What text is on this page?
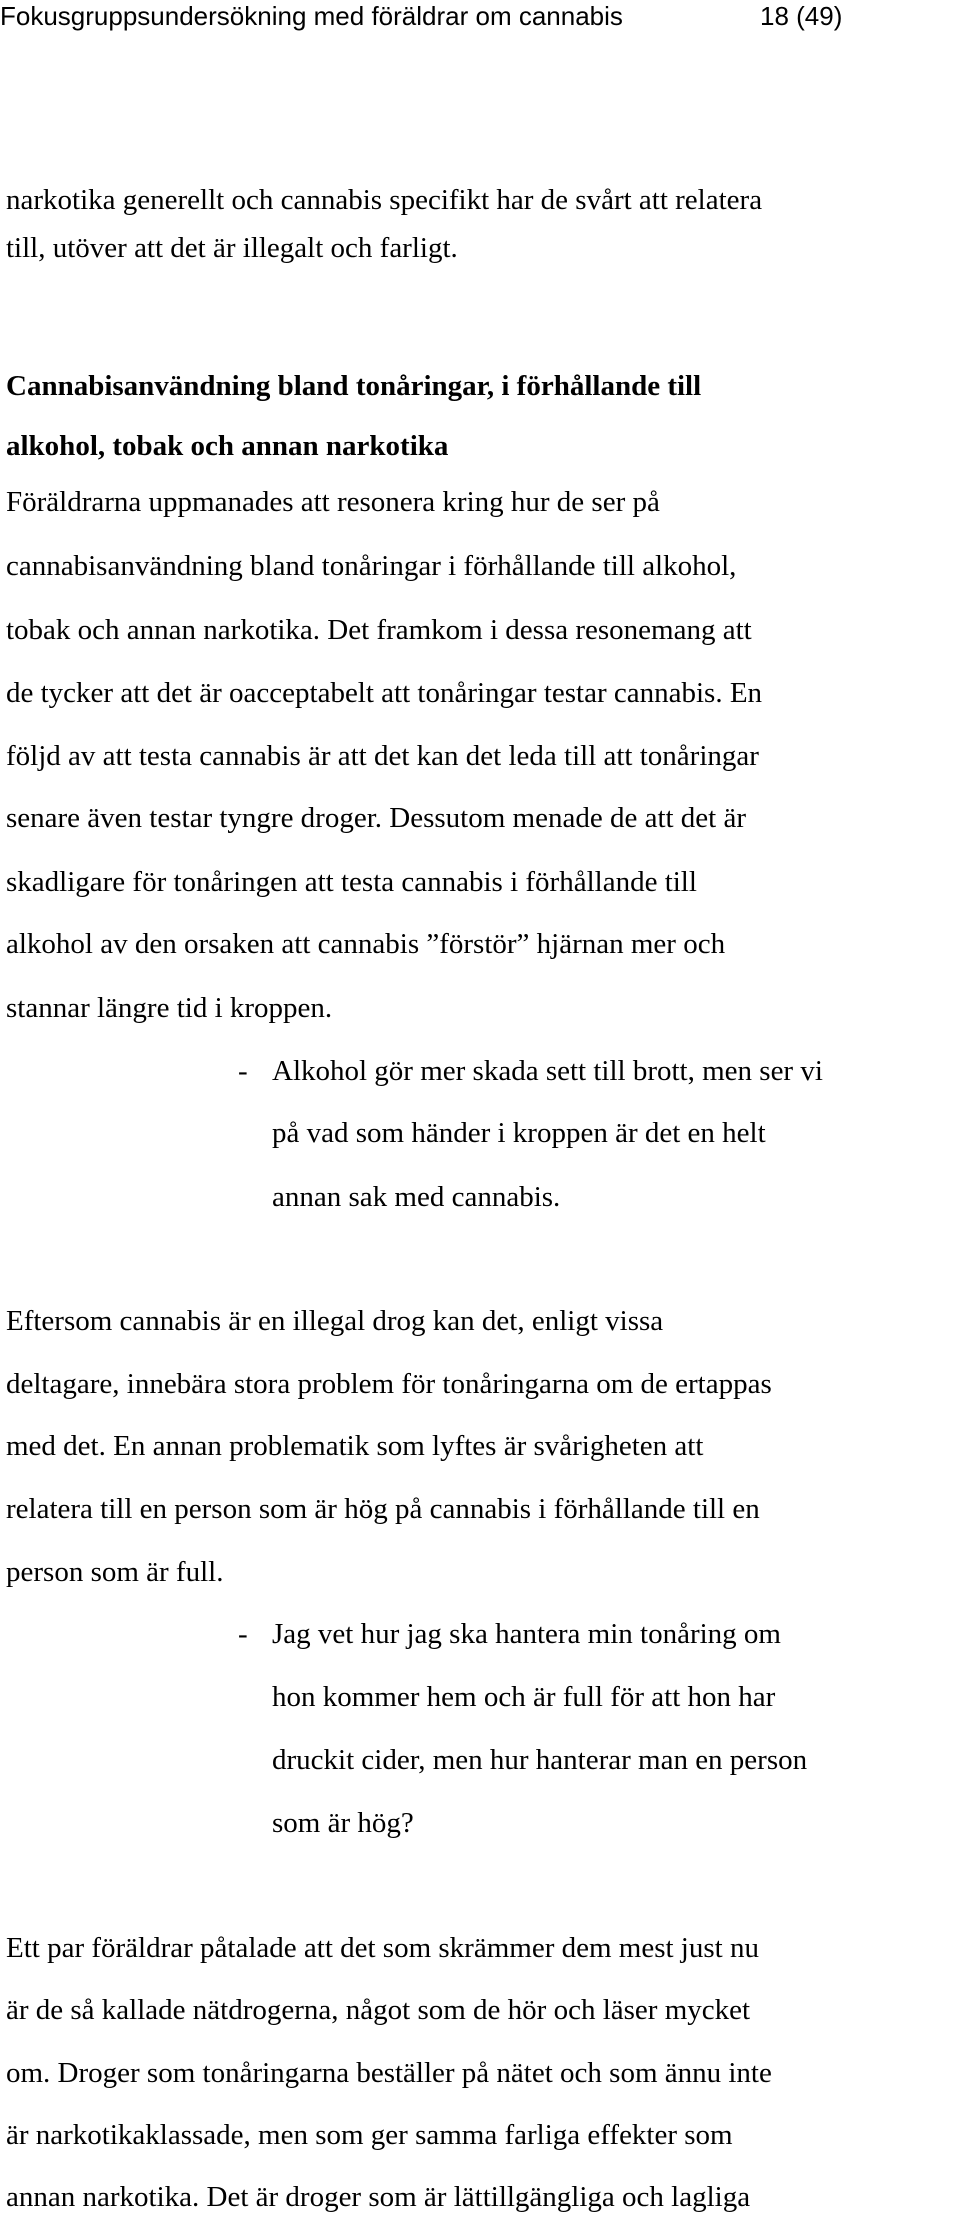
Fokusgruppsundersökning med föräldrar om cannabis	18 (49)
narkotika generellt och cannabis specifikt har de svårt att relatera
till, utöver att det är illegalt och farligt.
Cannabisanvändning bland tonåringar, i förhållande till
alkohol, tobak och annan narkotika
Föräldrarna uppmanades att resonera kring hur de ser på
cannabisanvändning bland tonåringar i förhållande till alkohol,
tobak och annan narkotika. Det framkom i dessa resonemang att
de tycker att det är oacceptabelt att tonåringar testar cannabis. En
följd av att testa cannabis är att det kan det leda till att tonåringar
senare även testar tyngre droger. Dessutom menade de att det är
skadligare för tonåringen att testa cannabis i förhållande till
alkohol av den orsaken att cannabis ”förstör” hjärnan mer och
stannar längre tid i kroppen.
- Alkohol gör mer skada sett till brott, men ser vi
på vad som händer i kroppen är det en helt
annan sak med cannabis.
Eftersom cannabis är en illegal drog kan det, enligt vissa
deltagare, innebära stora problem för tonåringarna om de ertappas
med det. En annan problematik som lyftes är svårigheten att
relatera till en person som är hög på cannabis i förhållande till en
person som är full.
- Jag vet hur jag ska hantera min tonåring om
hon kommer hem och är full för att hon har
druckit cider, men hur hanterar man en person
som är hög?
Ett par föräldrar påtalade att det som skrämmer dem mest just nu
är de så kallade nätdrogerna, något som de hör och läser mycket
om. Droger som tonåringarna beställer på nätet och som ännu inte
är narkotikaklassade, men som ger samma farliga effekter som
annan narkotika. Det är droger som är lättillgängliga och lagliga
